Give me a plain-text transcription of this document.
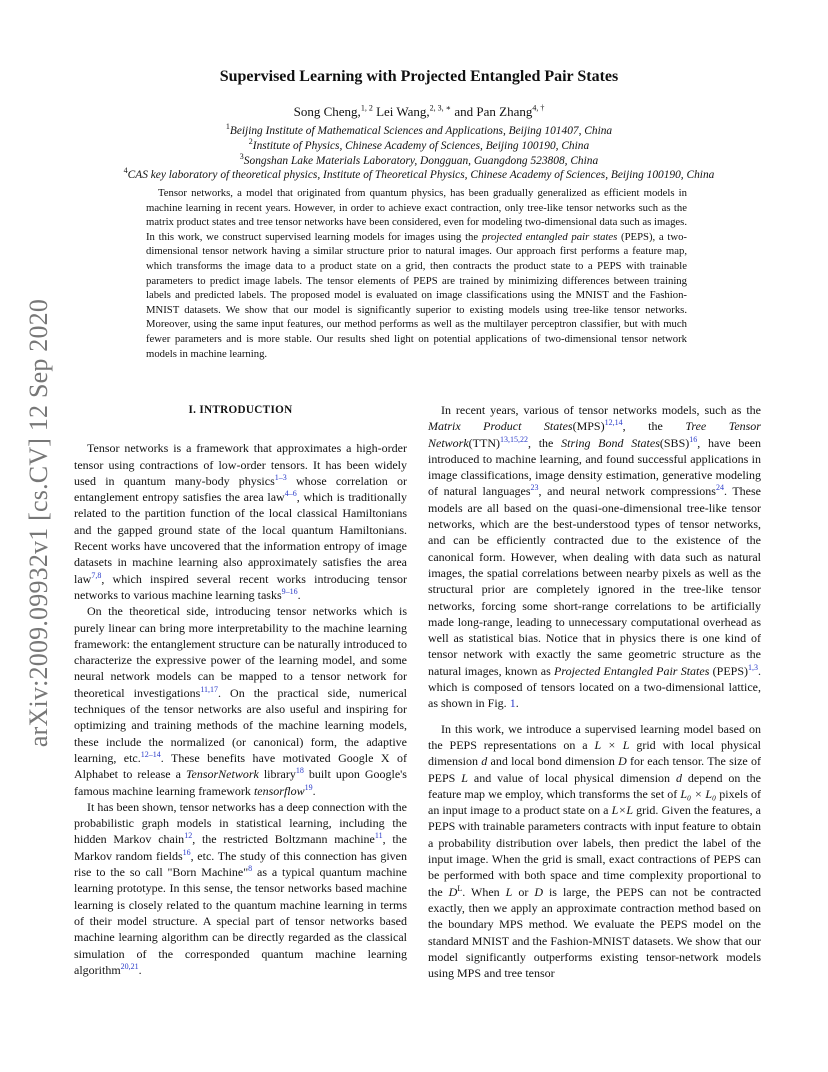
arXiv:2009.09932v1 [cs.CV] 12 Sep 2020
Supervised Learning with Projected Entangled Pair States
Song Cheng,$^{1, 2}$ Lei Wang,$^{2, 3, ∗}$ and Pan Zhang$^{4, \dagger}$
$^1$Beijing Institute of Mathematical Sciences and Applications, Beijing 101407, China
$^2$Institute of Physics, Chinese Academy of Sciences, Beijing 100190, China
$^3$Songshan Lake Materials Laboratory, Dongguan, Guangdong 523808, China
$^4$CAS key laboratory of theoretical physics, Institute of Theoretical Physics, Chinese Academy of Sciences, Beijing 100190, China
Tensor networks, a model that originated from quantum physics, has been gradually generalized as efficient models in machine learning in recent years. However, in order to achieve exact contraction, only tree-like tensor networks such as the matrix product states and tree tensor networks have been considered, even for modeling two-dimensional data such as images. In this work, we construct supervised learning models for images using the projected entangled pair states (PEPS), a two-dimensional tensor network having a similar structure prior to natural images. Our approach first performs a feature map, which transforms the image data to a product state on a grid, then contracts the product state to a PEPS with trainable parameters to predict image labels. The tensor elements of PEPS are trained by minimizing differences between training labels and predicted labels. The proposed model is evaluated on image classifications using the MNIST and the Fashion-MNIST datasets. We show that our model is significantly superior to existing models using tree-like tensor networks. Moreover, using the same input features, our method performs as well as the multilayer perceptron classifier, but with much fewer parameters and is more stable. Our results shed light on potential applications of two-dimensional tensor network models in machine learning.
I. INTRODUCTION

Tensor networks is a framework that approximates a high-order tensor using contractions of low-order tensors. It has been widely used in quantum many-body physics$^{1-3}$ whose correlation or entanglement entropy satisfies the area law$^{4-6}$, which is traditionally related to the partition function of the local classical Hamiltonians and the gapped ground state of the local quantum Hamiltonians. Recent works have uncovered that the information entropy of image datasets in machine learning also approximately satisfies the area law$^{7,8}$, which inspired several recent works introducing tensor networks to various machine learning tasks$^{9-16}$.

On the theoretical side, introducing tensor networks which is purely linear can bring more interpretability to the machine learning framework: the entanglement structure can be naturally introduced to characterize the expressive power of the learning model, and some neural network models can be mapped to a tensor network for theoretical investigations$^{11,17}$. On the practical side, numerical techniques of the tensor networks are also useful and inspiring for optimizing and training methods of the machine learning models, these include the normalized (or canonical) form, the adaptive learning, etc.$^{12-14}$. These benefits have motivated Google X of Alphabet to release a TensorNetwork library$^{18}$ built upon Google's famous machine learning framework tensorflow$^{19}$.

It has been shown, tensor networks has a deep connection with the probabilistic graph models in statistical learning, including the hidden Markov chain$^{12}$, the restricted Boltzmann machine$^{11}$, the Markov random fields$^{16}$, etc. The study of this connection has given rise to the so call "Born Machine"$^8$ as a typical quantum machine learning prototype. In this sense, the tensor networks based machine learning is closely related to the quantum machine learning in terms of their model structure. A special part of tensor networks based machine learning algorithm can be directly regarded as the classical simulation of the corresponded quantum machine learning algorithm$^{20,21}$.

In recent years, various of tensor networks models, such as the Matrix Product States(MPS)$^{12,14}$, the Tree Tensor Network(TTN)$^{13,15,22}$, the String Bond States(SBS)$^{16}$, have been introduced to machine learning, and found successful applications in image classifications, image density estimation, generative modeling of natural languages$^{23}$, and neural network compressions$^{24}$. These models are all based on the quasi-one-dimensional tree-like tensor networks, which are the best-understood types of tensor networks, and can be efficiently contracted due to the existence of the canonical form. However, when dealing with data such as natural images, the spatial correlations between nearby pixels as well as the structural prior are completely ignored in the tree-like tensor networks, forcing some short-range correlations to be artificially made long-range, leading to unnecessary computational overhead as well as statistical bias. Notice that in physics there is one kind of tensor network with exactly the same geometric structure as the natural images, known as Projected Entangled Pair States (PEPS)$^{1,3}$. which is composed of tensors located on a two-dimensional lattice, as shown in Fig. 1.

In this work, we introduce a supervised learning model based on the PEPS representations on a L × L grid with local physical dimension d and local bond dimension D for each tensor. The size of PEPS L and value of local physical dimension d depend on the feature map we employ, which transforms the set of L₀ × L₀ pixels of an input image to a product state on a L×L grid. Given the features, a PEPS with trainable parameters contracts with input feature to obtain a probability distribution over labels, then predict the label of the input image. When the grid is small, exact contractions of PEPS can be performed with both space and time complexity proportional to the $D^L$. When L or D is large, the PEPS can not be contracted exactly, then we apply an approximate contraction method based on the boundary MPS method. We evaluate the PEPS model on the standard MNIST and the Fashion-MNIST datasets. We show that our model significantly outperforms existing tensor-network models using MPS and tree tensor
